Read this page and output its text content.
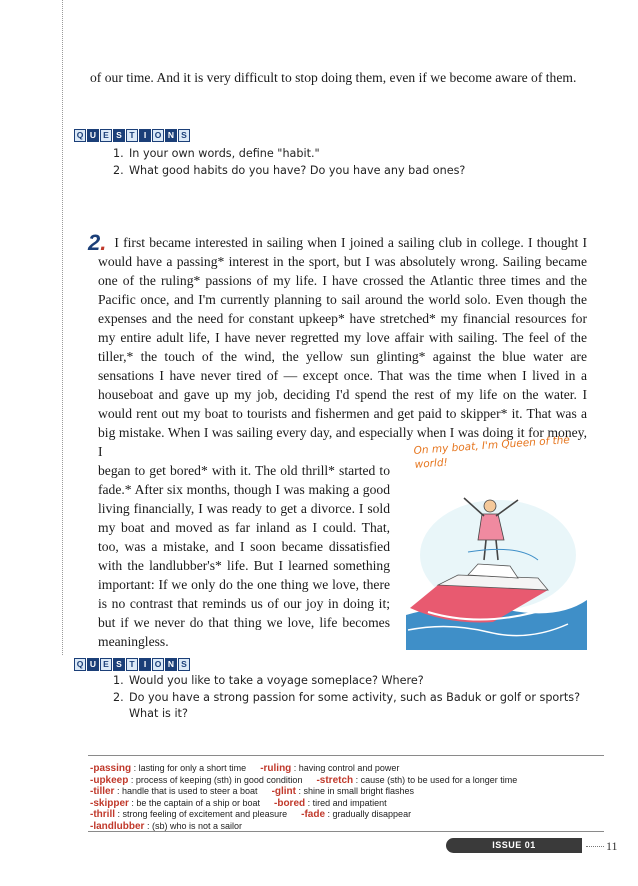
of our time. And it is very difficult to stop doing them, even if we become aware of them.

Q U E S T	I	O N S
1. In your own words, define "habit."
2. What good habits do you have? Do you have any bad ones?
2. I first became interested in sailing when I joined a sailing club in college. I thought I would have a passing* interest in the sport, but I was absolutely wrong. Sailing became one of the ruling* passions of my life. I have crossed the Atlantic three times and the Pacific once, and I'm currently planning to sail around the world solo. Even though the expenses and the need for constant upkeep* have stretched* my financial resources for my entire adult life, I have never regretted my love affair with sailing. The feel of the tiller,* the touch of the wind, the yellow sun glinting* against the blue water are sensations I have never tired of — except once. That was the time when I lived in a houseboat and gave up my job, deciding I'd spend the rest of my life on the water. I would rent out my boat to tourists and fishermen and get paid to skipper* it. That was a big mistake. When I was sailing every day, and especially when I was doing it for money, I
began to get bored* with it. The old thrill* started to fade.* After six months, though I was making a good living financially, I was ready to get a divorce. I sold my boat and moved as far inland as I could. That, too, was a mistake, and I soon became dissatisfied with the landlubber's* life. But I learned something important: If we only do the one thing we love, there is no contrast that reminds us of our joy in doing it; but if we never do that thing we love, life becomes meaningless.
On my boat, I'm Queen of the world!
Q U E S T	I	O N S
1. Would you like to take a voyage someplace? Where?
2. Do you have a strong passion for some activity, such as Baduk or golf or sports? What is it?
-passing : lasting for only a short time -ruling : having control and power
-upkeep : process of keeping (sth) in good condition -stretch : cause (sth) to be used for a longer time
-tiller : handle that is used to steer a boat -glint : shine in small bright flashes
-skipper : be the captain of a ship or boat -bored : tired and impatient
-thrill : strong feeling of excitement and pleasure -fade : gradually disappear
-landlubber : (sb) who is not a sailor
ISSUE 01	11
